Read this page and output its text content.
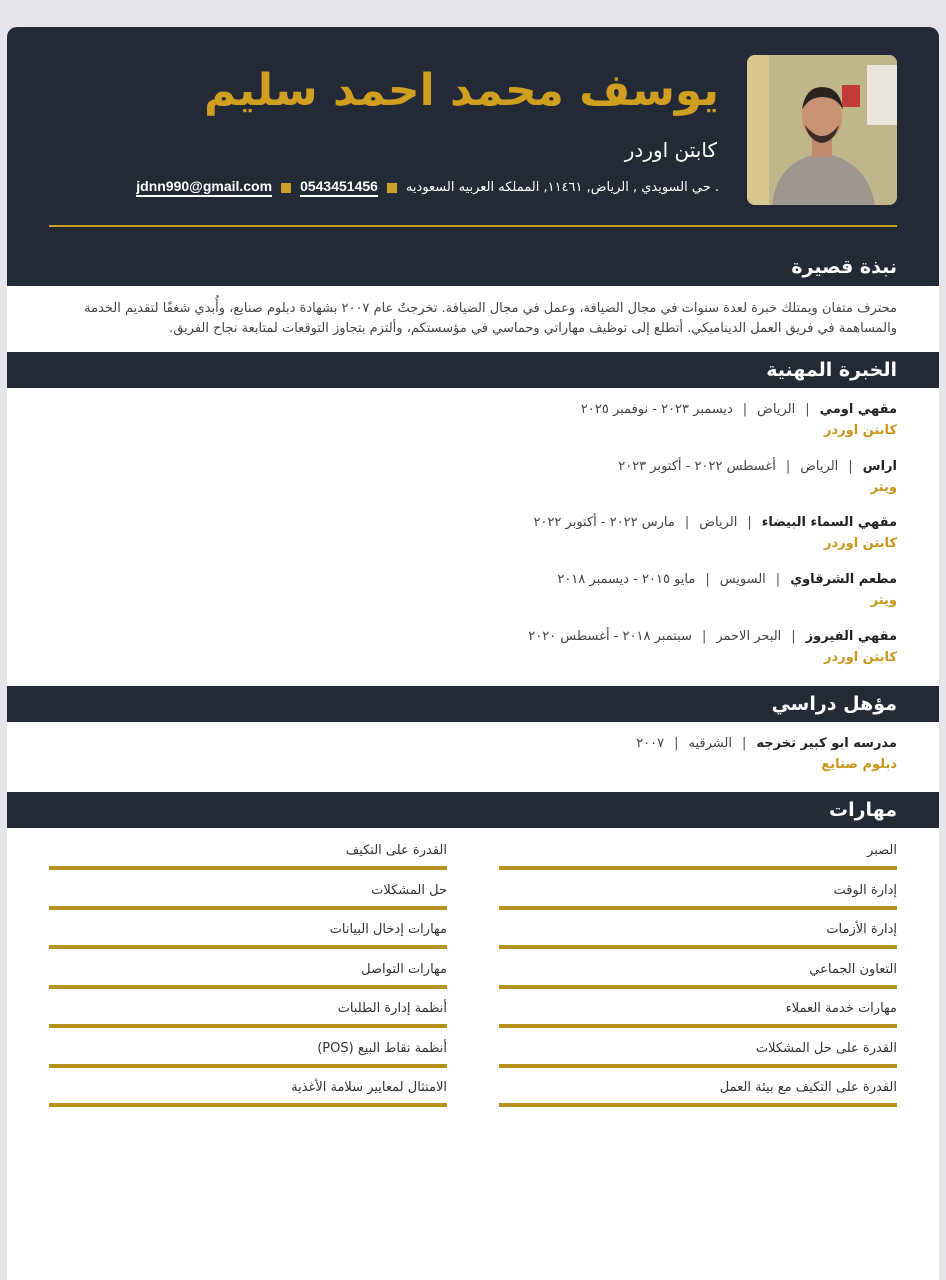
يوسف محمد احمد سليم
كابتن اوردر
. حي السويدي , الرياض, ١١٤٦١, المملكه العربيه السعوديه
0543451456
jdnn990@gmail.com
نبذة قصيرة
محترف متفان ويمتلك خبرة لعدة سنوات في مجال الضيافة، وعمل في مجال الضيافة. تخرجتُ عام ٢٠٠٧ بشهادة دبلوم صنايع، وأُبدي شغفًا لتقديم الخدمة والمساهمة في فريق العمل الديناميكي. أتطلع إلى توظيف مهاراتي وحماسي في مؤسستكم، وألتزم بتجاوز التوقعات لمتابعة نجاح الفريق.
الخبرة المهنية
مقهي اومي|الرياض|ديسمبر ٢٠٢٣ - نوفمبر ٢٠٢٥
كابتن اوردر
اراس|الرياض|أغسطس ٢٠٢٢ - أكتوبر ٢٠٢٣
ويتر
مقهي السماء البيضاء|الرياض|مارس ٢٠٢٢ - أكتوبر ٢٠٢٢
كابتن اوردر
مطعم الشرقاوي|السويس|مايو ٢٠١٥ - ديسمبر ٢٠١٨
ويتر
مقهي الفيروز|البحر الاحمر|سبتمبر ٢٠١٨ - أغسطس ٢٠٢٠
كابتن اوردر
مؤهل دراسي
مدرسه ابو كبير تخرجه|الشرقيه|٢٠٠٧
دبلوم صنايع
مهارات
الصبر
إدارة الوقت
إدارة الأزمات
التعاون الجماعي
مهارات خدمة العملاء
القدرة على حل المشكلات
القدرة على التكيف مع بيئة العمل
القدرة على التكيف
حل المشكلات
مهارات إدخال البيانات
مهارات التواصل
أنظمة إدارة الطلبات
أنظمة نقاط البيع (POS)
الامتثال لمعايير سلامة الأغذية
